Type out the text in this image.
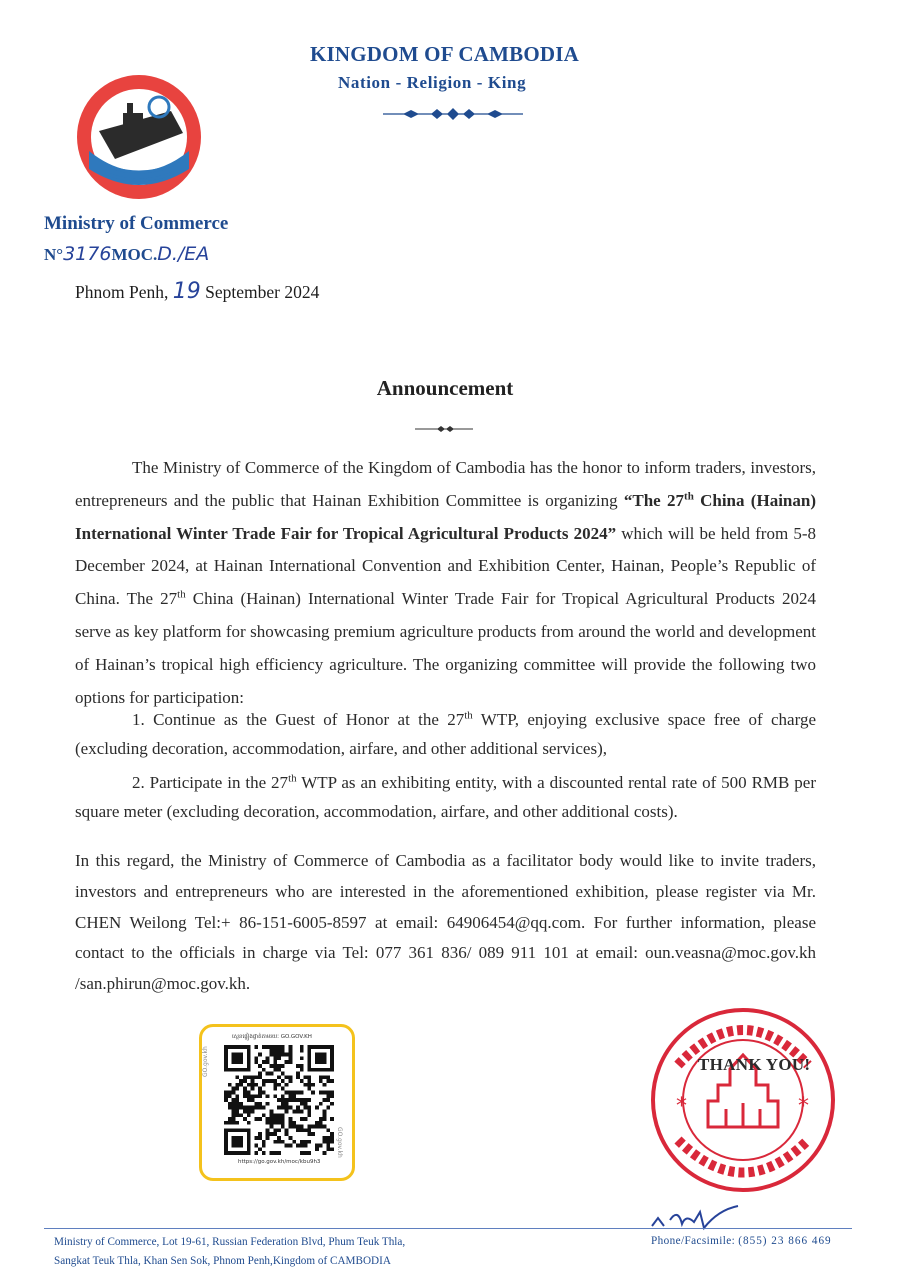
KINGDOM OF CAMBODIA
Nation - Religion - King
Ministry of Commerce
N°3176MOC.D./EA
Phnom Penh, 19 September 2024
Announcement
The Ministry of Commerce of the Kingdom of Cambodia has the honor to inform traders, investors, entrepreneurs and the public that Hainan Exhibition Committee is organizing “The 27th China (Hainan) International Winter Trade Fair for Tropical Agricultural Products 2024” which will be held from 5-8 December 2024, at Hainan International Convention and Exhibition Center, Hainan, People’s Republic of China. The 27th China (Hainan) International Winter Trade Fair for Tropical Agricultural Products 2024 serve as key platform for showcasing premium agriculture products from around the world and development of Hainan’s tropical high efficiency agriculture. The organizing committee will provide the following two options for participation:
1. Continue as the Guest of Honor at the 27th WTP, enjoying exclusive space free of charge (excluding decoration, accommodation, airfare, and other additional services),
2. Participate in the 27th WTP as an exhibiting entity, with a discounted rental rate of 500 RMB per square meter (excluding decoration, accommodation, airfare, and other additional costs).
In this regard, the Ministry of Commerce of Cambodia as a facilitator body would like to invite traders, investors and entrepreneurs who are interested in the aforementioned exhibition, please register via Mr. CHEN Weilong Tel:+ 86-151-6005-8597 at email: 64906454@qq.com. For further information, please contact to the officials in charge via Tel: 077 361 836/ 089 911 101 at email: oun.veasna@moc.gov.kh /san.phirun@moc.gov.kh.
ស្កេនផ្ទៀងផ្ទាត់តាមរយៈ GO.GOV.KH
GO.gov.kh
GO.gov.kh
https://go.gov.kh/moc/kbu9h3
*	*
THANK YOU!
Ministry of Commerce, Lot 19-61, Russian Federation Blvd, Phum Teuk Thla,
Sangkat Teuk Thla, Khan Sen Sok, Phnom Penh,Kingdom of CAMBODIA
Phone/Facsimile: (855) 23 866 469
